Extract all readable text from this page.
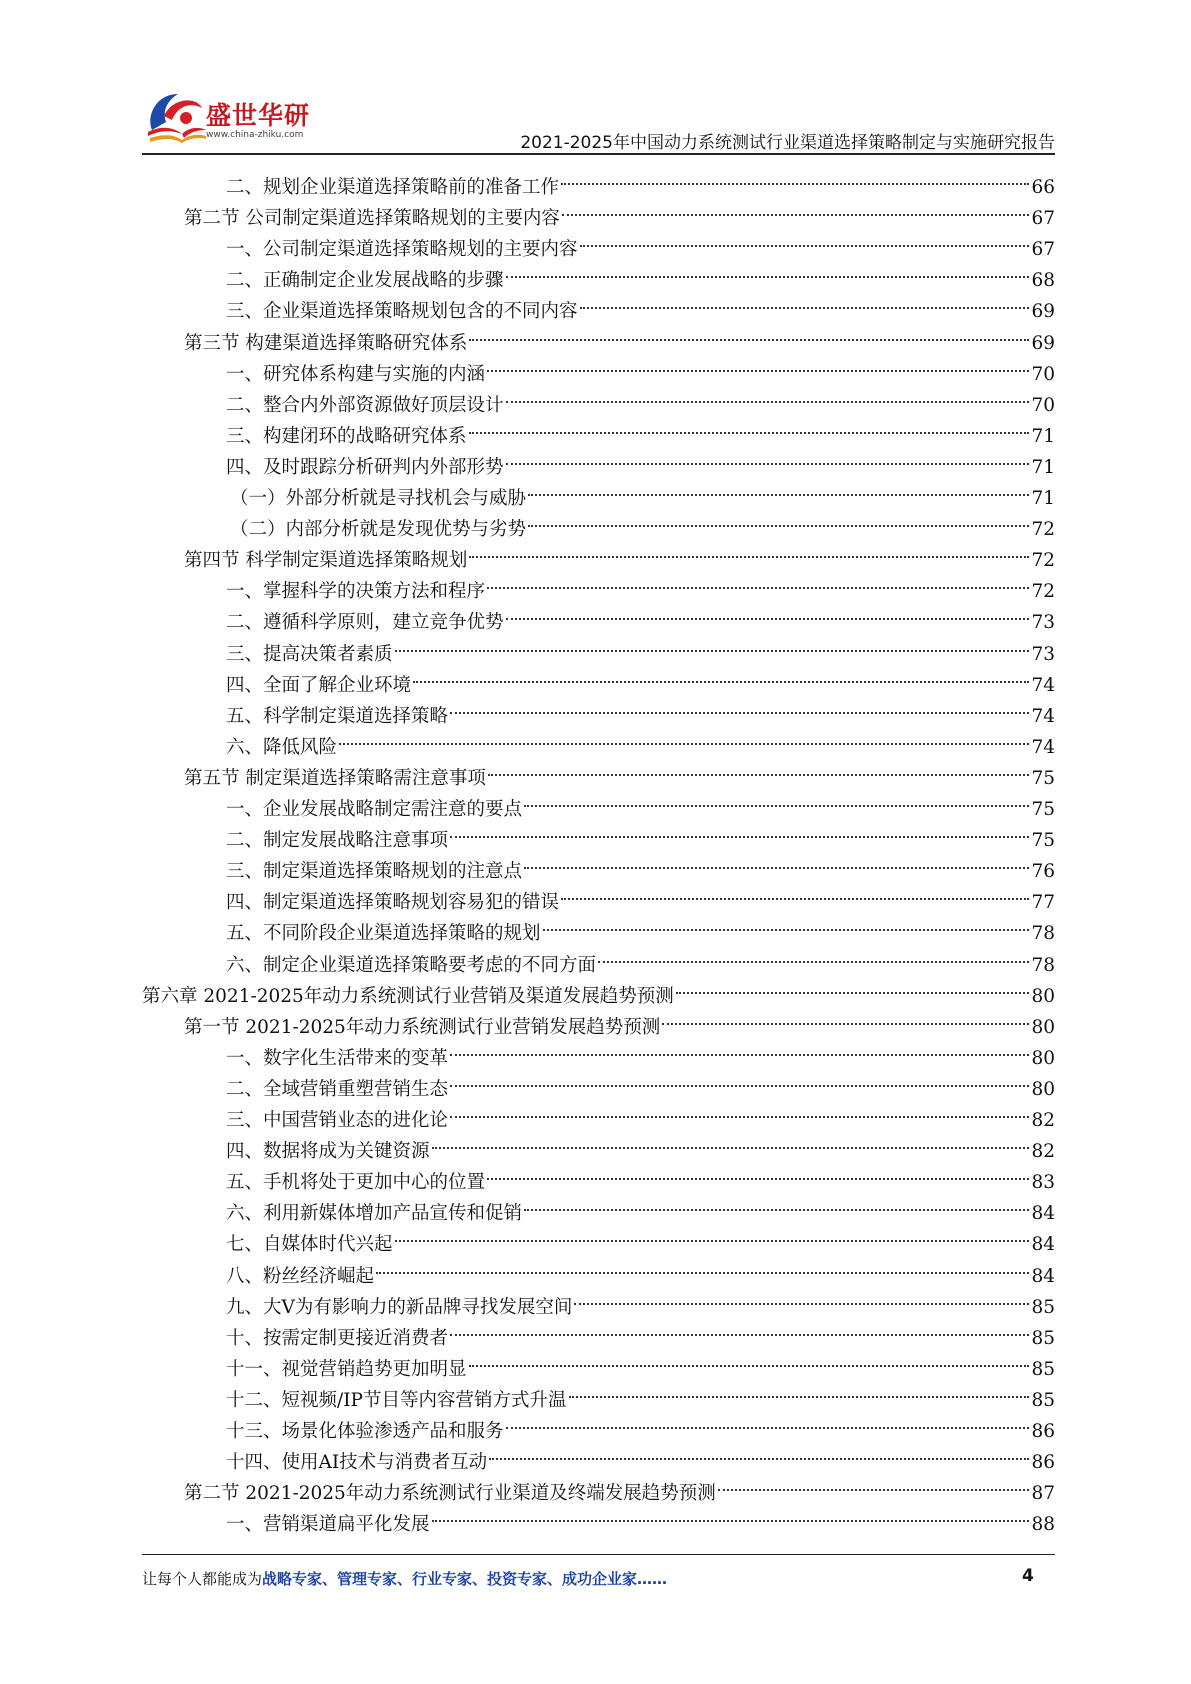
盛世华研
www.china-zhiku.com	2021-2025年中国动力系统测试行业渠道选择策略制定与实施研究报告
二、规划企业渠道选择策略前的准备工作	66
第二节 公司制定渠道选择策略规划的主要内容	67
一、公司制定渠道选择策略规划的主要内容	67
二、正确制定企业发展战略的步骤	68
三、企业渠道选择策略规划包含的不同内容	69
第三节 构建渠道选择策略研究体系	69
一、研究体系构建与实施的内涵	70
二、整合内外部资源做好顶层设计	70
三、构建闭环的战略研究体系	71
四、及时跟踪分析研判内外部形势	71
（一）外部分析就是寻找机会与威胁	71
（二）内部分析就是发现优势与劣势	72
第四节 科学制定渠道选择策略规划	72
一、掌握科学的决策方法和程序	72
二、遵循科学原则，建立竞争优势	73
三、提高决策者素质	73
四、全面了解企业环境	74
五、科学制定渠道选择策略	74
六、降低风险	74
第五节 制定渠道选择策略需注意事项	75
一、企业发展战略制定需注意的要点	75
二、制定发展战略注意事项	75
三、制定渠道选择策略规划的注意点	76
四、制定渠道选择策略规划容易犯的错误	77
五、不同阶段企业渠道选择策略的规划	78
六、制定企业渠道选择策略要考虑的不同方面	78
第六章 2021-2025年动力系统测试行业营销及渠道发展趋势预测	80
第一节 2021-2025年动力系统测试行业营销发展趋势预测	80
一、数字化生活带来的变革	80
二、全域营销重塑营销生态	80
三、中国营销业态的进化论	82
四、数据将成为关键资源	82
五、手机将处于更加中心的位置	83
六、利用新媒体增加产品宣传和促销	84
七、自媒体时代兴起	84
八、粉丝经济崛起	84
九、大V为有影响力的新品牌寻找发展空间	85
十、按需定制更接近消费者	85
十一、视觉营销趋势更加明显	85
十二、短视频/IP节目等内容营销方式升温	85
十三、场景化体验渗透产品和服务	86
十四、使用AI技术与消费者互动	86
第二节 2021-2025年动力系统测试行业渠道及终端发展趋势预测	87
一、营销渠道扁平化发展	88
让每个人都能成为战略专家、管理专家、行业专家、投资专家、成功企业家……	4
